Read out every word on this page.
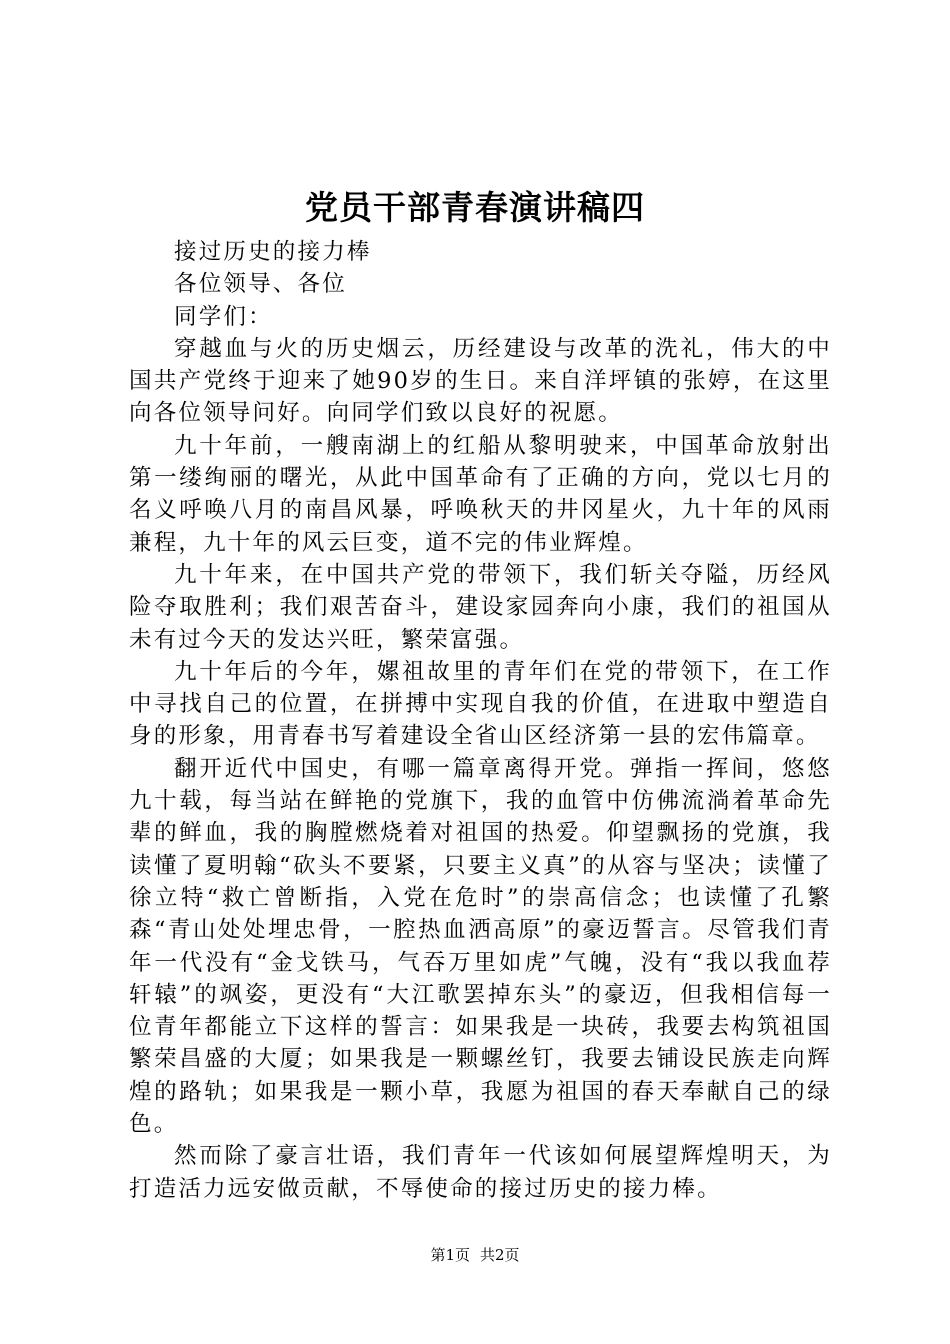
党员干部青春演讲稿四

接过历史的接力棒

各位领导、各位

同学们：

穿越血与火的历史烟云，历经建设与改革的洗礼，伟大的中国共产党终于迎来了她90岁的生日。来自洋坪镇的张婷，在这里向各位领导问好。向同学们致以良好的祝愿。

九十年前，一艘南湖上的红船从黎明驶来，中国革命放射出第一缕绚丽的曙光，从此中国革命有了正确的方向，党以七月的名义呼唤八月的南昌风暴，呼唤秋天的井冈星火，九十年的风雨兼程，九十年的风云巨变，道不完的伟业辉煌。

九十年来，在中国共产党的带领下，我们斩关夺隘，历经风险夺取胜利；我们艰苦奋斗，建设家园奔向小康，我们的祖国从未有过今天的发达兴旺，繁荣富强。

九十年后的今年，嫘祖故里的青年们在党的带领下，在工作中寻找自己的位置，在拼搏中实现自我的价值，在进取中塑造自身的形象，用青春书写着建设全省山区经济第一县的宏伟篇章。

翻开近代中国史，有哪一篇章离得开党。弹指一挥间，悠悠九十载，每当站在鲜艳的党旗下，我的血管中仿佛流淌着革命先辈的鲜血，我的胸膛燃烧着对祖国的热爱。仰望飘扬的党旗，我读懂了夏明翰“砍头不要紧，只要主义真”的从容与坚决；读懂了徐立特“救亡曾断指，入党在危时”的崇高信念；也读懂了孔繁森“青山处处埋忠骨，一腔热血洒高原”的豪迈誓言。尽管我们青年一代没有“金戈铁马，气吞万里如虎”气魄，没有“我以我血荐轩辕”的飒姿，更没有“大江歌罢掉东头”的豪迈，但我相信每一位青年都能立下这样的誓言：如果我是一块砖，我要去构筑祖国繁荣昌盛的大厦；如果我是一颗螺丝钉，我要去铺设民族走向辉煌的路轨；如果我是一颗小草，我愿为祖国的春天奉献自己的绿色。

然而除了豪言壮语，我们青年一代该如何展望辉煌明天，为打造活力远安做贡献，不辱使命的接过历史的接力棒。

第1页 共2页
